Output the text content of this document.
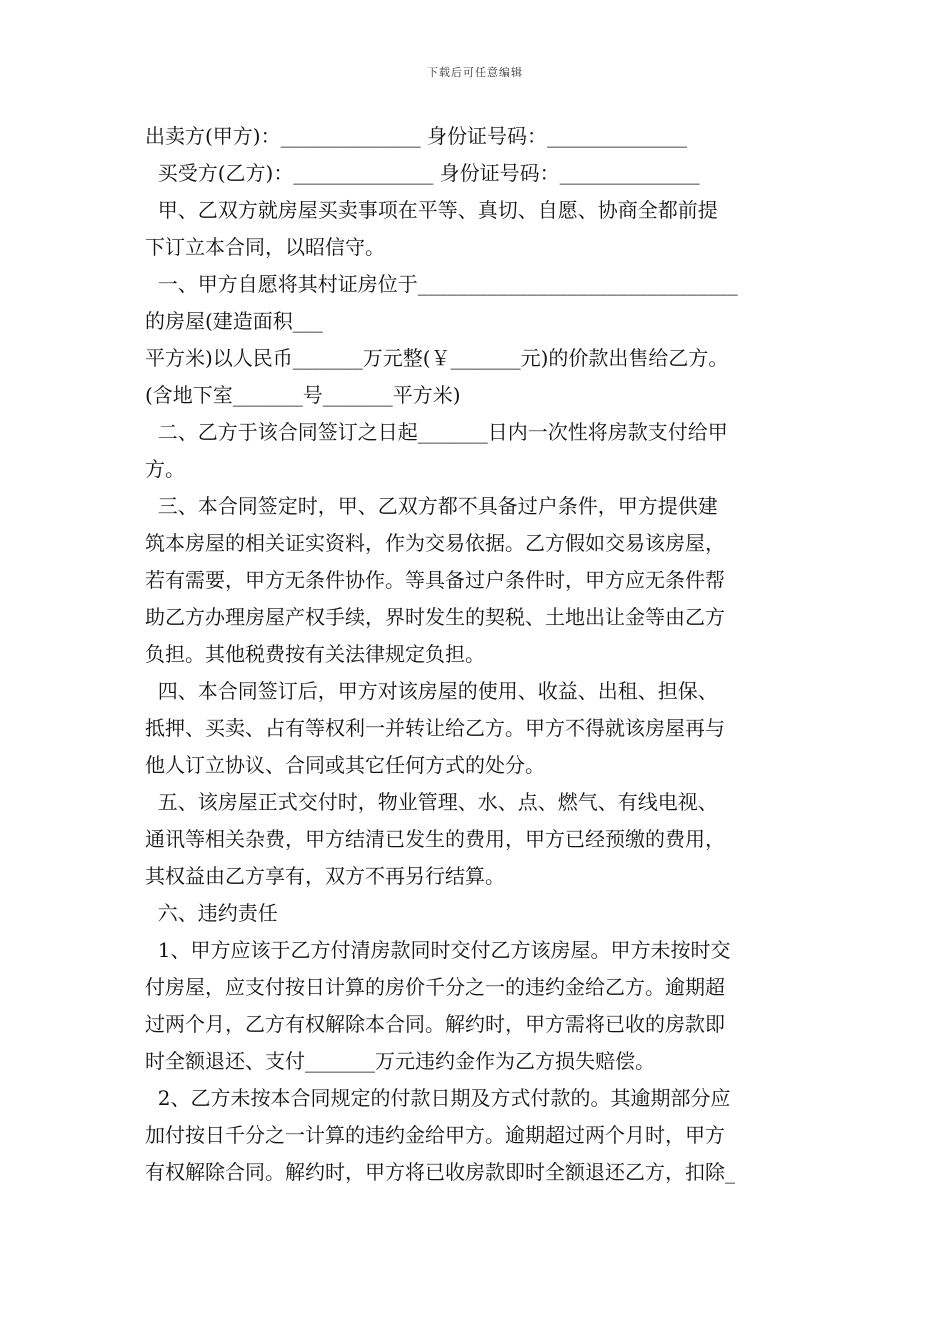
下载后可任意编辑
出卖方(甲方)：______________ 身份证号码：______________
买受方(乙方)：______________ 身份证号码：______________
甲、乙双方就房屋买卖事项在平等、真切、自愿、协商全都前提
下订立本合同，以昭信守。
一、甲方自愿将其村证房位于________________________________
的房屋(建造面积___
平方米)以人民币_______万元整(￥_______元)的价款出售给乙方。
(含地下室_______号_______平方米)
二、乙方于该合同签订之日起_______日内一次性将房款支付给甲
方。
三、本合同签定时，甲、乙双方都不具备过户条件，甲方提供建
筑本房屋的相关证实资料，作为交易依据。乙方假如交易该房屋，
若有需要，甲方无条件协作。等具备过户条件时，甲方应无条件帮
助乙方办理房屋产权手续，界时发生的契税、土地出让金等由乙方
负担。其他税费按有关法律规定负担。
四、本合同签订后，甲方对该房屋的使用、收益、出租、担保、
抵押、买卖、占有等权利一并转让给乙方。甲方不得就该房屋再与
他人订立协议、合同或其它任何方式的处分。
五、该房屋正式交付时，物业管理、水、点、燃气、有线电视、
通讯等相关杂费，甲方结清已发生的费用，甲方已经预缴的费用，
其权益由乙方享有，双方不再另行结算。
六、违约责任
1、甲方应该于乙方付清房款同时交付乙方该房屋。甲方未按时交
付房屋，应支付按日计算的房价千分之一的违约金给乙方。逾期超
过两个月，乙方有权解除本合同。解约时，甲方需将已收的房款即
时全额退还、支付_______万元违约金作为乙方损失赔偿。
2、乙方未按本合同规定的付款日期及方式付款的。其逾期部分应
加付按日千分之一计算的违约金给甲方。逾期超过两个月时，甲方
有权解除合同。解约时，甲方将已收房款即时全额退还乙方，扣除_
